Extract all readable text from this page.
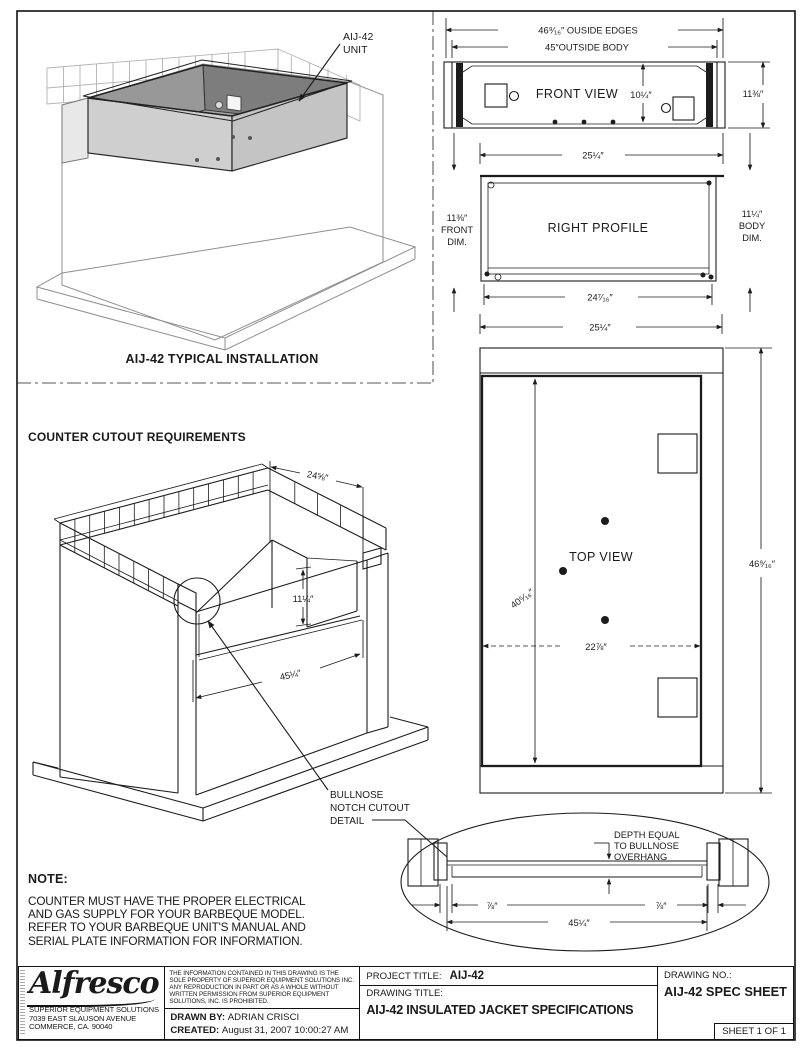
AIJ-42
UNIT
AIJ-42 TYPICAL INSTALLATION
FRONT VIEW
46⁹⁄₁₆″ OUSIDE EDGES
45″OUTSIDE BODY
10¼″	11⅜″
25¼″
RIGHT PROFILE
11⅜″
FRONT
DIM.
11¼″
BODY
DIM.
24⁷⁄₁₆″
25¼″
TOP VIEW
40⁵⁄₁₆″
22⅞″
46⁹⁄₁₆″
24⅝″
11¼″
45¼″
BULLNOSE
NOTCH CUTOUT
DETAIL
DEPTH EQUAL
TO BULLNOSE
OVERHANG
⅞″	⅞″
45¼″
COUNTER CUTOUT REQUIREMENTS
NOTE:
COUNTER MUST HAVE THE PROPER ELECTRICAL
AND GAS SUPPLY FOR YOUR BARBEQUE MODEL.
REFER TO YOUR BARBEQUE UNIT'S MANUAL AND
SERIAL PLATE INFORMATION FOR INFORMATION.
Alfresco
SUPERIOR EQUIPMENT SOLUTIONS
7039 EAST SLAUSON AVENUE
COMMERCE, CA. 90040
THE INFORMATION CONTAINED IN THIS DRAWING IS THE SOLE PROPERTY OF SUPERIOR EQUIPMENT SOLUTIONS INC. ANY REPRODUCTION IN PART OR AS A WHOLE WITHOUT WRITTEN PERMISSION FROM SUPERIOR EQUIPMENT SOLUTIONS, INC. IS PROHIBITED.
DRAWN BY: ADRIAN CRISCI
CREATED: August 31, 2007 10:00:27 AM
PROJECT TITLE: AIJ-42
DRAWING TITLE:
AIJ-42 INSULATED JACKET SPECIFICATIONS
DRAWING NO.:
AIJ-42 SPEC SHEET
SHEET 1 OF 1
